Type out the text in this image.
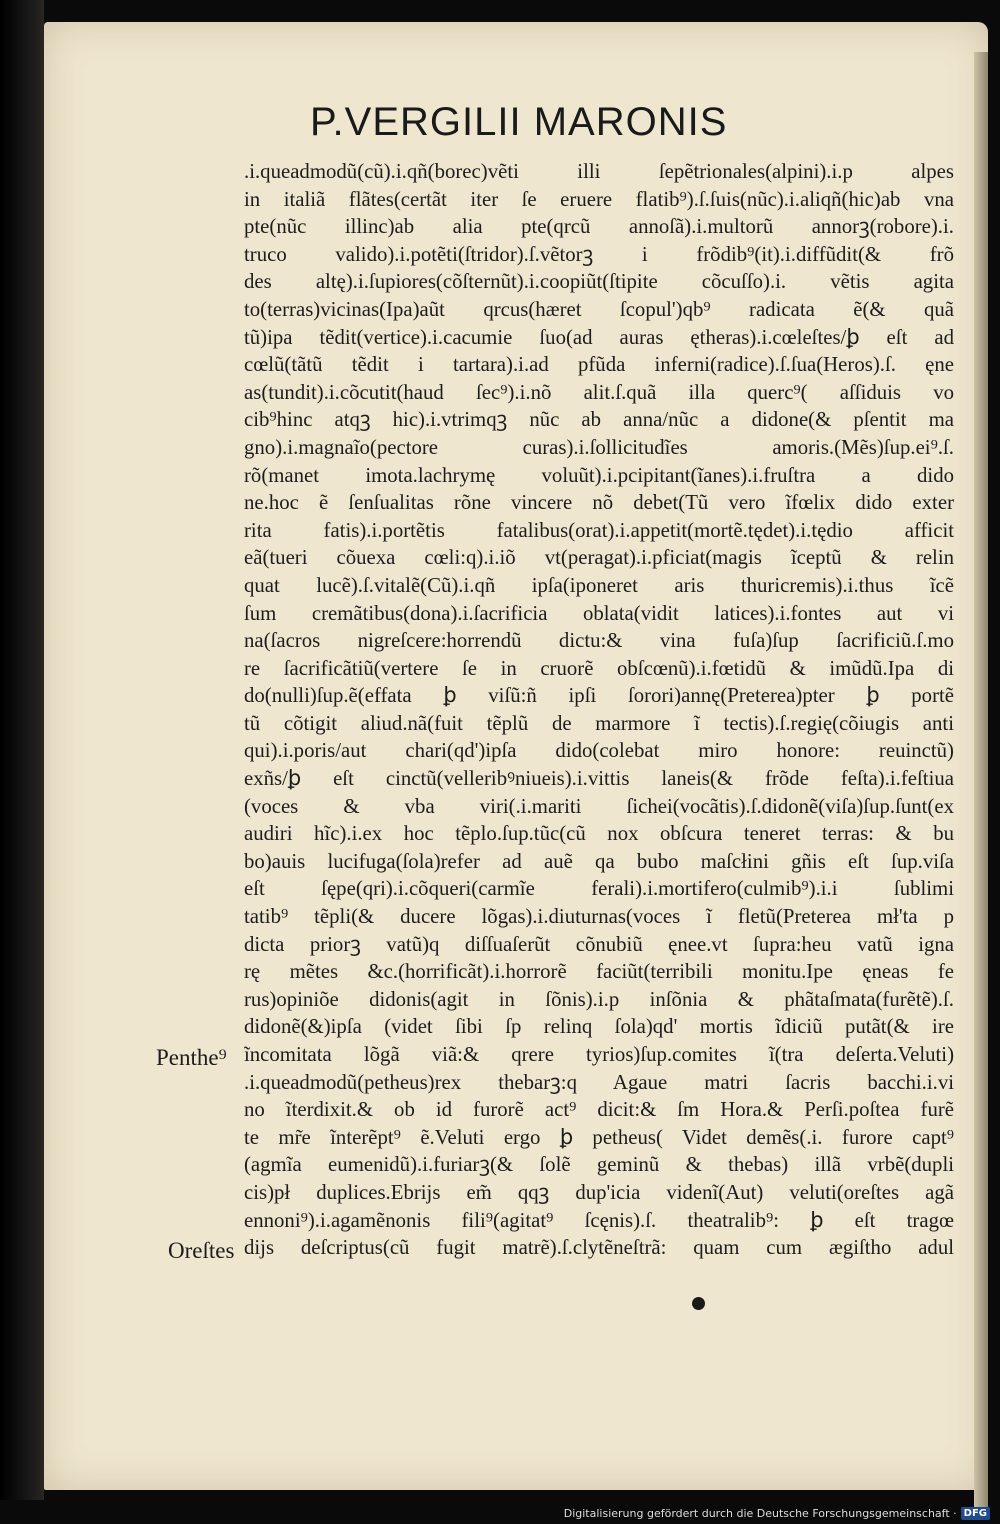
P.VERGILII MARONIS
.i.queadmodũ(cũ).i.qñ(borec)vẽti illi ſepẽtrionales(alpini).i.p alpes
in italiã flãtes(certãt iter ſe eruere flatib⁹).ſ.ſuis(nũc).i.aliqñ(hic)ab vna
pte(nũc illinc)ab alia pte(qrcũ annoſã).i.multorũ annorꝫ(robore).i.
truco valido).i.potẽti(ſtridor).ſ.vẽtorꝫ i frõdib⁹(it).i.diffũdit(& frõ
des altę).i.ſupiores(cõſternũt).i.coopiũt(ſtipite cõcuſſo).i. vẽtis agita
to(terras)vicinas(Ipa)aũt qrcus(hæret ſcopul')qb⁹ radicata ẽ(& quã
tũ)ipa tẽdit(vertice).i.cacumie ſuo(ad auras ętheras).i.cœleſtes/ꝧ eſt ad
cœlũ(tãtũ tẽdit i tartara).i.ad pfũda inferni(radice).ſ.ſua(Heros).ſ. ęne
as(tundit).i.cõcutit(haud ſec⁹).i.nõ alit.ſ.quã illa querc⁹( aſſiduis vo
cib⁹hinc atqꝫ hic).i.vtrimqꝫ nũc ab anna/nũc a didone(& pſentit ma
gno).i.magnaĩo(pectore curas).i.ſollicitudĩes amoris.(Mẽs)ſup.ei⁹.ſ.
rõ(manet imota.lachrymę voluũt).i.pcipitant(ĩanes).i.fruſtra a dido
ne.hoc ẽ ſenſualitas rõne vincere nõ debet(Tũ vero ĩfœlix dido exter
rita fatis).i.portẽtis fatalibus(orat).i.appetit(mortẽ.tędet).i.tędio afficit
eã(tueri cõuexa cœli:q).i.iõ vt(peragat).i.pficiat(magis ĩceptũ & relin
quat lucẽ).ſ.vitalẽ(Cũ).i.qñ ipſa(iponeret aris thuricremis).i.thus ĩcẽ
ſum cremãtibus(dona).i.ſacrificia oblata(vidit latices).i.fontes aut vi
na(ſacros nigreſcere:horrendũ dictu:& vina fuſa)ſup ſacrificiũ.ſ.mo
re ſacrificãtiũ(vertere ſe in cruorẽ obſcœnũ).i.fœtidũ & imũdũ.Ipa di
do(nulli)ſup.ẽ(effata ꝧ viſũ:ñ ipſi ſorori)annę(Preterea)pter ꝧ portẽ
tũ cõtigit aliud.nã(fuit tẽplũ de marmore ĩ tectis).ſ.regię(cõiugis anti
qui).i.poris/aut chari(qd')ipſa dido(colebat miro honore: reuinctũ)
exñs/ꝧ eſt cinctũ(velleribꝰniueis).i.vittis laneis(& frõde feſta).i.feſtiua
(voces & vba viri(.i.mariti ſichei(vocãtis).ſ.didonẽ(viſa)ſup.ſunt(ex
audiri hĩc).i.ex hoc tẽplo.ſup.tũc(cũ nox obſcura teneret terras: & bu
bo)auis lucifuga(ſola)refer ad auẽ qa bubo maſcłini gñis eſt ſup.viſa
eſt ſępe(qri).i.cõqueri(carmĩe ferali).i.mortifero(culmib⁹).i.i ſublimi
tatib⁹ tẽpli(& ducere lõgas).i.diuturnas(voces ĩ fletũ(Preterea mł'ta p
dicta priorꝫ vatũ)q diſſuaſerũt cõnubiũ ęnee.vt ſupra:heu vatũ igna
rę mẽtes &c.(horrificãt).i.horrorẽ faciũt(terribili monitu.Ipe ęneas fe
rus)opiniõe didonis(agit in ſõnis).i.p inſõnia & phãtaſmata(furẽtẽ).ſ.
didonẽ(&)ipſa (videt ſibi ſp relinq ſola)qd' mortis ĩdiciũ putãt(& ire
ĩncomitata lõgã viã:& qrere tyrios)ſup.comites ĩ(tra deſerta.Veluti)
.i.queadmodũ(petheus)rex thebarꝫ:q Agaue matri ſacris bacchi.i.vi
no ĩterdixit.& ob id furorẽ act⁹ dicit:& ſm Hora.& Perſi.poſtea furẽ
te mr̃e ĩnterẽpt⁹ ẽ.Veluti ergo ꝧ petheus( Videt demẽs(.i. furore capt⁹
(agmĩa eumenidũ).i.furiarꝫ(& ſolẽ geminũ & thebas) illã vrbẽ(dupli
cis)pł duplices.Ebrijs em̃ qqꝫ dup'icia videnĩ(Aut) veluti(oreſtes agã
ennoni⁹).i.agamẽnonis fili⁹(agitat⁹ ſcęnis).ſ. theatralib⁹: ꝧ eſt tragœ
dijs deſcriptus(cũ fugit matrẽ).ſ.clytẽneſtrã: quam cum ægiſtho adul
Penthe⁹
Oreſtes
Digitalisierung gefördert durch die Deutsche Forschungsgemeinschaft · DFG
